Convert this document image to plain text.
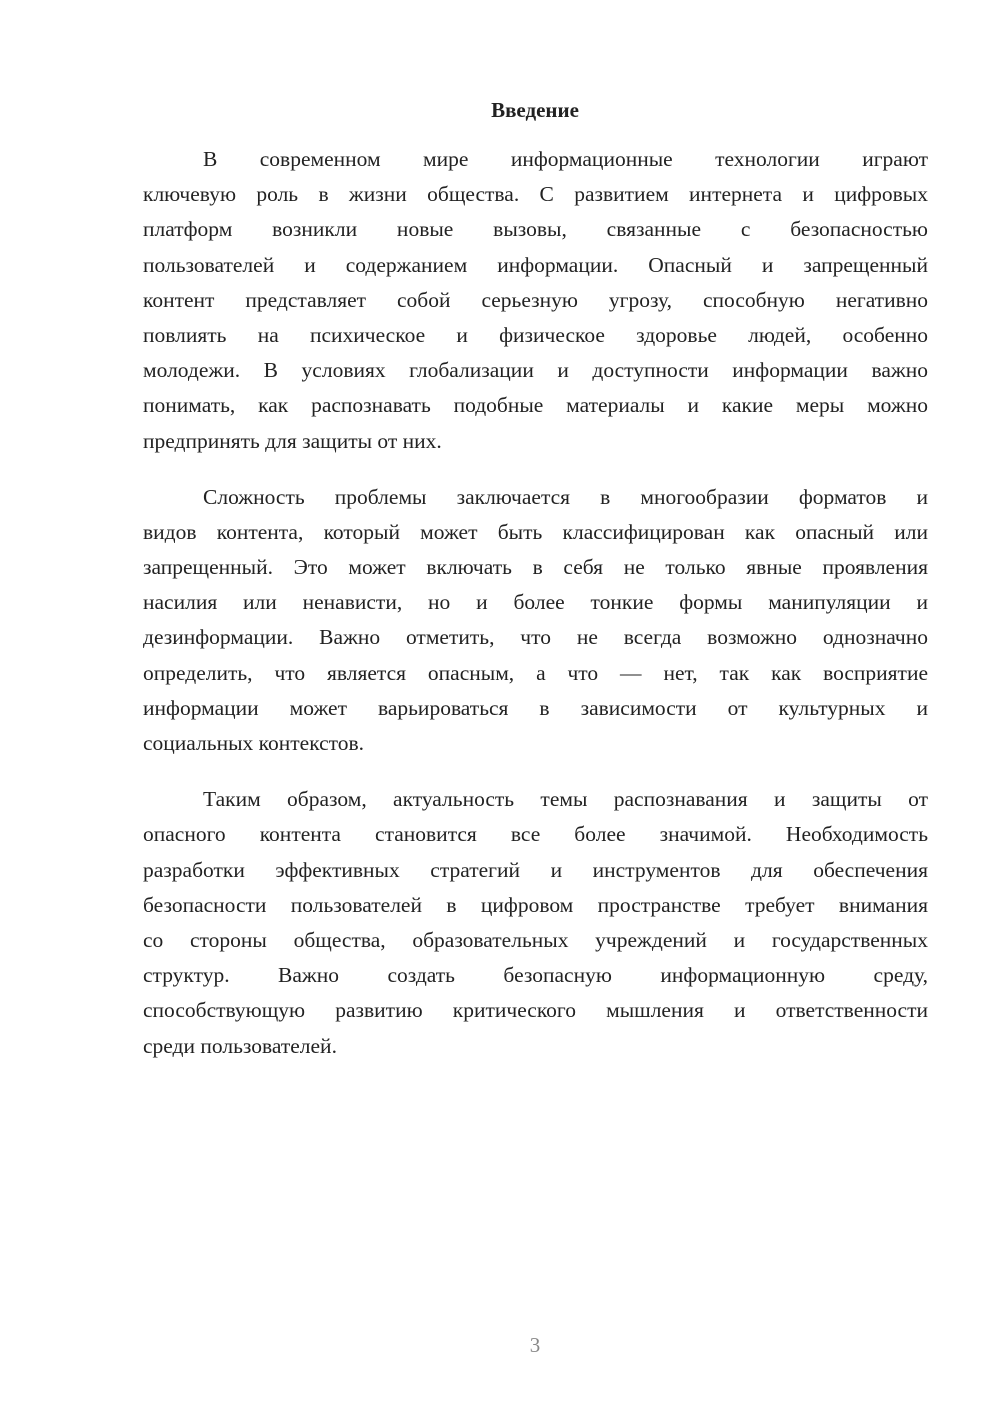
Введение
В современном мире информационные технологии играют
ключевую роль в жизни общества. С развитием интернета и цифровых
платформ возникли новые вызовы, связанные с безопасностью
пользователей и содержанием информации. Опасный и запрещенный
контент представляет собой серьезную угрозу, способную негативно
повлиять на психическое и физическое здоровье людей, особенно
молодежи. В условиях глобализации и доступности информации важно
понимать, как распознавать подобные материалы и какие меры можно
предпринять для защиты от них.
Сложность проблемы заключается в многообразии форматов и
видов контента, который может быть классифицирован как опасный или
запрещенный. Это может включать в себя не только явные проявления
насилия или ненависти, но и более тонкие формы манипуляции и
дезинформации. Важно отметить, что не всегда возможно однозначно
определить, что является опасным, а что — нет, так как восприятие
информации может варьироваться в зависимости от культурных и
социальных контекстов.
Таким образом, актуальность темы распознавания и защиты от
опасного контента становится все более значимой. Необходимость
разработки эффективных стратегий и инструментов для обеспечения
безопасности пользователей в цифровом пространстве требует внимания
со стороны общества, образовательных учреждений и государственных
структур. Важно создать безопасную информационную среду,
способствующую развитию критического мышления и ответственности
среди пользователей.
3
